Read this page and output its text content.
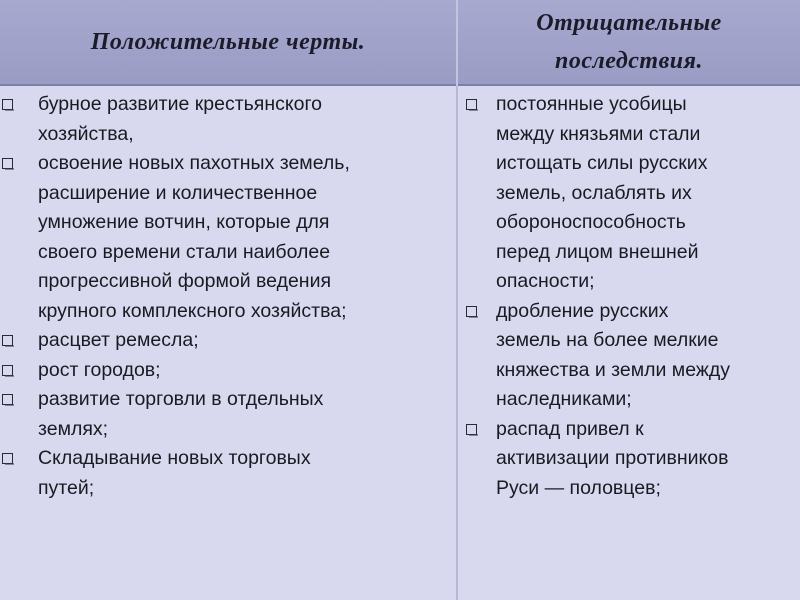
Положительные черты.
Отрицательные
последствия.
бурное развитие крестьянского
хозяйства,
освоение новых пахотных земель,
расширение и количественное
умножение вотчин, которые для
своего времени стали наиболее
прогрессивной формой ведения
крупного комплексного хозяйства;
расцвет ремесла;
рост городов;
развитие торговли в отдельных
землях;
Складывание новых торговых
путей;
постоянные усобицы
между князьями стали
истощать силы русских
земель, ослаблять их
обороноспособность
перед лицом внешней
опасности;
дробление русских
земель на более мелкие
княжества и земли между
наследниками;
распад привел к
активизации противников
Руси — половцев;
